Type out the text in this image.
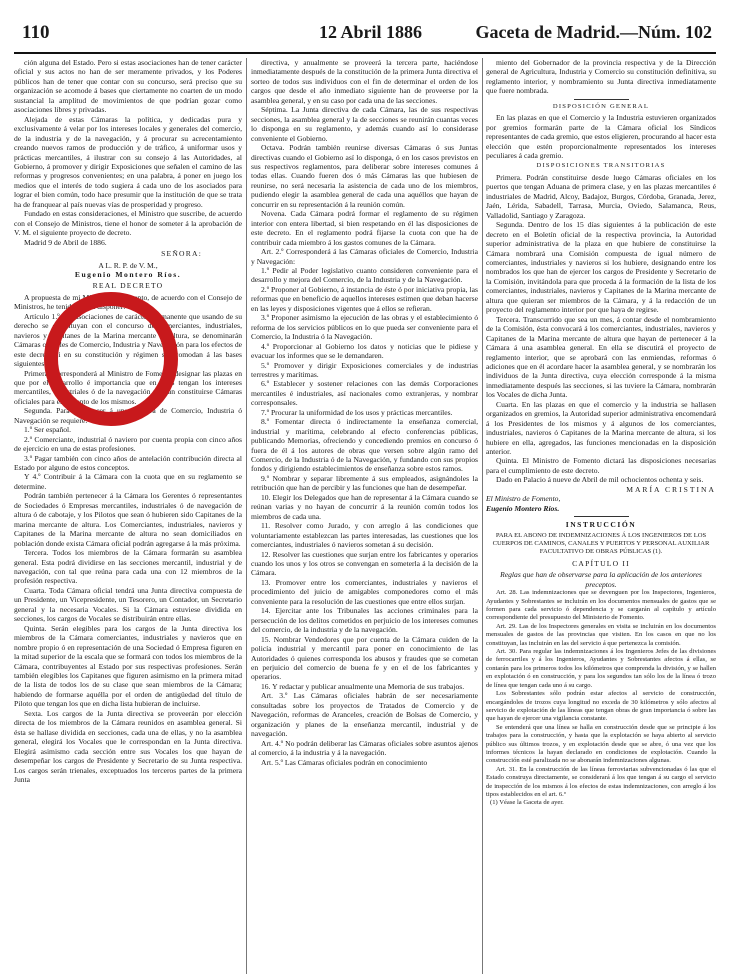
110	12 Abril 1886	Gaceta de Madrid.—Núm. 102

ción alguna del Estado. Pero si estas asociaciones han de tener carácter oficial y sus actos no han de ser meramente privados, y los Poderes públicos han de tener que contar con su concurso, será preciso que su organización se acomode á bases que ciertamente no coarten de un modo sustancial la amplitud de movimientos de que podrían gozar como asociaciones libres y privadas.

Alejada de estas Cámaras la política, y dedicadas pura y exclusivamente á velar por los intereses locales y generales del comercio, de la industria y de la navegación, y á procurar su acrecentamiento creando nuevos ramos de producción y de tráfico, á uniformar usos y prácticas mercantiles, á ilustrar con su consejo á las Autoridades, al Gobierno, á promover y dirigir Exposiciones que señalen el camino de las reformas y progresos convenientes; en una palabra, á poner en juego los medios que el interés de todo sugiera á cada uno de los asociados para lograr el bien común, todo hace presumir que la institución de que se trata ha de franquear al país nuevas vías de prosperidad y progreso.

Fundado en estas consideraciones, el Ministro que suscribe, de acuerdo con el Consejo de Ministros, tiene el honor de someter á la aprobación de V. M. el siguiente proyecto de decreto.

Madrid 9 de Abril de 1886.

SEÑORA:

A L. R. P. de V. M.,

Eugenio Montero Ríos.

REAL DECRETO

A propuesta de mi Ministro de Fomento, de acuerdo con el Consejo de Ministros, he tenido á bien disponer:

Artículo 1.º Las asociaciones de carácter permanente que usando de su derecho se constituyan con el concurso de comerciantes, industriales, navieros y Capitanes de la Marina mercante de altura, se denominarán Cámaras oficiales de Comercio, Industria y Navegación para los efectos de este decreto si en su constitución y régimen se acomodan á las bases siguientes:

Primera. Corresponderá al Ministro de Fomento designar las plazas en que por el desarrollo é importancia que en ellas tengan los intereses mercantiles, industriales ó de la navegación puedan constituirse Cámaras oficiales para el fomento de los mismos.

Segunda. Para pertenecer á una Cámara de Comercio, Industria ó Navegación se requiere:

1.º Ser español.

2.º Comerciante, industrial ó naviero por cuenta propia con cinco años de ejercicio en una de estas profesiones.

3.º Pagar también con cinco años de antelación contribución directa al Estado por alguno de estos conceptos.

Y 4.º Contribuir á la Cámara con la cuota que en su reglamento se determine.

Podrán también pertenecer á la Cámara los Gerentes ó representantes de Sociedades ó Empresas mercantiles, industriales ó de navegación de altura ó de cabotaje, y los Pilotos que sean ó hubieren sido Capitanes de la marina mercante de altura. Los Comerciantes, industriales, navieros y Capitanes de la Marina mercante de altura no sean domiciliados en población donde exista Cámara oficial podrán agregarse á la más próxima.

Tercera. Todos los miembros de la Cámara formarán su asamblea general. Esta podrá dividirse en las secciones mercantil, industrial y de navegación, con tal que reúna para cada una con 12 miembros de la profesión respectiva.

Cuarta. Toda Cámara oficial tendrá una Junta directiva compuesta de un Presidente, un Vicepresidente, un Tesorero, un Contador, un Secretario general y la necesaria Vocales. Si la Cámara estuviese dividida en secciones, los cargos de Vocales se distribuirán entre ellas.

Quinta. Serán elegibles para los cargos de la Junta directiva los miembros de la Cámara comerciantes, industriales y navieros que en nombre propio ó en representación de una Sociedad ó Empresa figuren en la mitad superior de la escala que se formará con todos los miembros de la Cámara, contribuyentes al Estado por sus respectivas profesiones. Serán también elegibles los Capitanes que figuren asimismo en la primera mitad de la lista de todos los de su clase que sean miembros de la Cámara; habiendo de formarse aquélla por el orden de antigüedad del título de Piloto que tengan los que en dicha lista hubieran de incluirse.

Sexta. Los cargos de la Junta directiva se proveerán por elección directa de los miembros de la Cámara reunidos en asamblea general. Si ésta se hallase dividida en secciones, cada una de ellas, y no la asamblea general, elegirá los Vocales que le correspondan en la Junta directiva. Elegirá asimismo cada sección entre sus Vocales los que hayan de desempeñar los cargos de Presidente y Secretario de su Junta respectiva. Los cargos serán trienales, exceptuados los terceros partes de la primera Junta

directiva, y anualmente se proveerá la tercera parte, haciéndose inmediatamente después de la constitución de la primera Junta directiva el sorteo de todos sus individuos con el fin de determinar el orden de los cargos que desde el año inmediato siguiente han de proveerse por la asamblea general, y en su caso por cada una de las secciones.

Séptima. La Junta directiva de cada Cámara, las de sus respectivas secciones, la asamblea general y la de secciones se reunirán cuantas veces lo disponga en su reglamento, y además cuando así lo considerase conveniente el Gobierno.

Octava. Podrán también reunirse diversas Cámaras ó sus Juntas directivas cuando el Gobierno así lo disponga, ó en los casos previstos en sus respectivos reglamentos, para deliberar sobre intereses comunes á todas ellas. Cuando fueren dos ó más Cámaras las que hubiesen de reunirse, no será necesaria la asistencia de cada uno de los miembros, pudiendo elegir la asamblea general de cada una aquéllos que hayan de concurrir en su representación á la reunión común.

Novena. Cada Cámara podrá formar el reglamento de su régimen interior con entera libertad, si bien respetando en él las disposiciones de este decreto. En el reglamento podrá fijarse la cuota con que ha de contribuir cada miembro á los gastos comunes de la Cámara.

Art. 2.º Corresponderá á las Cámaras oficiales de Comercio, Industria y Navegación:

1.º Pedir al Poder legislativo cuanto consideren conveniente para el desarrollo y mejora del Comercio, de la Industria y de la Navegación.

2.º Proponer al Gobierno, á instancia de éste ó por iniciativa propia, las reformas que en beneficio de aquellos intereses estimen que deban hacerse en las leyes y disposiciones vigentes que á ellos se refieran.

3.º Proponer asimismo la ejecución de las obras y el establecimiento ó reforma de los servicios públicos en lo que pueda ser conveniente para el Comercio, la Industria ó la Navegación.

4.º Proporcionar al Gobierno los datos y noticias que le pidiese y evacuar los informes que se le demandaren.

5.º Promover y dirigir Exposiciones comerciales y de industrias terrestres y marítimas.

6.º Establecer y sostener relaciones con las demás Corporaciones mercantiles é industriales, así nacionales como extranjeras, y nombrar corresponsales.

7.º Procurar la uniformidad de los usos y prácticas mercantiles.

8.º Fomentar directa ó indirectamente la enseñanza comercial, industrial y marítima, celebrando al efecto conferencias públicas, publicando Memorias, ofreciendo y concediendo premios en concurso ó fuera de él á los autores de obras que versen sobre algún ramo del Comercio, de la Industria ó de la Navegación, y fundando con sus propios fondos y dirigiendo establecimientos de enseñanza sobre estos ramos.

9.º Nombrar y separar libremente á sus empleados, asignándoles la retribución que han de percibir y las funciones que han de desempeñar.

10. Elegir los Delegados que han de representar á la Cámara cuando se reúnan varias y no hayan de concurrir á la reunión común todos los miembros de cada una.

11. Resolver como Jurado, y con arreglo á las condiciones que voluntariamente establezcan las partes interesadas, las cuestiones que los comerciantes, industriales ó navieros sometan á su decisión.

12. Resolver las cuestiones que surjan entre los fabricantes y operarios cuando los unos y los otros se convengan en someterla á la decisión de la Cámara.

13. Promover entre los comerciantes, industriales y navieros el procedimiento del juicio de amigables componedores como el más conveniente para la resolución de las cuestiones que entre ellos surjan.

14. Ejercitar ante los Tribunales las acciones criminales para la persecución de los delitos cometidos en perjuicio de los intereses comunes del comercio, de la industria y de la navegación.

15. Nombrar Vendedores que por cuenta de la Cámara cuiden de la policía industrial y mercantil para poner en conocimiento de las Autoridades ó quienes corresponda los abusos y fraudes que se cometan en perjuicio del comercio de buena fe y en el de los fabricantes y operarios.

16. Y redactar y publicar anualmente una Memoria de sus trabajos.

Art. 3.º Las Cámaras oficiales habrán de ser necesariamente consultadas sobre los proyectos de Tratados de Comercio y de Navegación, reformas de Aranceles, creación de Bolsas de Comercio, y organización y planes de la enseñanza mercantil, industrial y de navegación.

Art. 4.º No podrán deliberar las Cámaras oficiales sobre asuntos ajenos al comercio, á la industria y á la navegación.

Art. 5.º Las Cámaras oficiales podrán en conocimiento

miento del Gobernador de la provincia respectiva y de la Dirección general de Agricultura, Industria y Comercio su constitución definitiva, su reglamento interior, y nombramiento su Junta directiva inmediatamente que fuere nombrada.

DISPOSICIÓN GENERAL

En las plazas en que el Comercio y la Industria estuvieren organizados por gremios formarán parte de la Cámara oficial los Síndicos representantes de cada gremio, que estos eligieren, procurando al hacer esta elección que estén proporcionalmente representados los intereses peculiares á cada gremio.

DISPOSICIONES TRANSITORIAS

Primera. Podrán constituirse desde luego Cámaras oficiales en los puertos que tengan Aduana de primera clase, y en las plazas mercantiles é industriales de Madrid, Alcoy, Badajoz, Burgos, Córdoba, Granada, Jerez, Jaén, Lérida, Sabadell, Tarrasa, Murcia, Oviedo, Salamanca, Reus, Valladolid, Santiago y Zaragoza.

Segunda. Dentro de los 15 días siguientes á la publicación de este decreto en el Boletín oficial de la respectiva provincia, la Autoridad superior administrativa de la plaza en que hubiere de constituirse la Cámara nombrará una Comisión compuesta de igual número de comerciantes, industriales y navieros si los hubiere, designando entre los nombrados los que han de ejercer los cargos de Presidente y Secretario de la Comisión, invitándola para que proceda á la formación de la lista de los comerciantes, industriales, navieros y Capitanes de la Marina mercante de altura que quieran ser miembros de la Cámara, y á la redacción de un proyecto del reglamento interior por que haya de regirse.

Tercera. Transcurrido que sea un mes, á contar desde el nombramiento de la Comisión, ésta convocará á los comerciantes, industriales, navieros y Capitanes de la Marina mercante de altura que hayan de pertenecer á la Cámara á una asamblea general. En ella se discutirá el proyecto de reglamento interior, que se aprobará con las enmiendas, reformas ó adiciones que en él acordare hacer la asamblea general, y se nombrarán los individuos de la Junta directiva, cuya elección corresponde á la misma inmediatamente después las secciones, si las tuviere la Cámara, nombrarán los Vocales de dicha Junta.

Cuarta. En las plazas en que el comercio y la industria se hallasen organizados en gremios, la Autoridad superior administrativa encomendará á los Presidentes de los mismos y á algunos de los comerciantes, industriales, navieros ó Capitanes de la Marina mercante de altura, si los hubiere en ella, agregados, las funciones mencionadas en la disposición anterior.

Quinta. El Ministro de Fomento dictará las disposiciones necesarias para el cumplimiento de este decreto.

Dado en Palacio á nueve de Abril de mil ochocientos ochenta y seis.

MARÍA CRISTINA

El Ministro de Fomento,

Eugenio Montero Ríos.

INSTRUCCIÓN

PARA EL ABONO DE INDEMNIZACIONES Á LOS INGENIEROS DE LOS CUERPOS DE CAMINOS, CANALES Y PUERTOS Y PERSONAL AUXILIAR FACULTATIVO DE OBRAS PÚBLICAS (1).

CAPÍTULO II

Reglas que han de observarse para la aplicación de los anteriores preceptos.

Art. 28. Las indemnizaciones que se devenguen por los Inspectores, Ingenieros, Ayudantes y Sobrestantes se incluirán en los documentos mensuales de gastos que se formen para cada servicio ó dependencia y se cargarán al capítulo y artículo correspondiente del presupuesto del Ministerio de Fomento.

Art. 29. Las de los Inspectores generales en visita se incluirán en los documentos mensuales de gastos de las provincias que visiten. En los casos en que no los constituyan, las incluirán en las del servicio á que pertenezca la comisión.

Art. 30. Para regular las indemnizaciones á los Ingenieros Jefes de las divisiones de ferrocarriles y á los Ingenieros, Ayudantes y Sobrestantes afectos á ellas, se contarán para los primeros todos los kilómetros que comprenda la división, y se hallen en explotación ó en construcción, y para los segundos tan sólo los de la línea ó trozo de línea que tengan cada uno á su cargo.

Los Sobrestantes sólo podrán estar afectos al servicio de construcción, encargándoles de trozos cuya longitud no exceda de 30 kilómetros y sólo afectos al servicio de explotación de las líneas que tengan obras de gran importancia ó sobre las que hayan de ejercer una vigilancia constante.

Se entenderá que una línea se halla en construcción desde que se principie á los trabajos para la construcción, y hasta que la explotación se haya abierto al servicio público sus últimos trozos, y en explotación desde que se abre, ó una vez que los informes técnicos la hayan declarado en condiciones de explotación. Cuando la construcción esté paralizada no se abonarán indemnizaciones algunas.

Art. 31. En la construcción de las líneas ferroviarias subvencionadas ó las que el Estado construya directamente, se considerará á los que tengan á su cargo el servicio de inspección de los mismos á los efectos de estas indemnizaciones, con arreglo á los tipos establecidos en el art. 6.º

(1) Véase la Gaceta de ayer.
